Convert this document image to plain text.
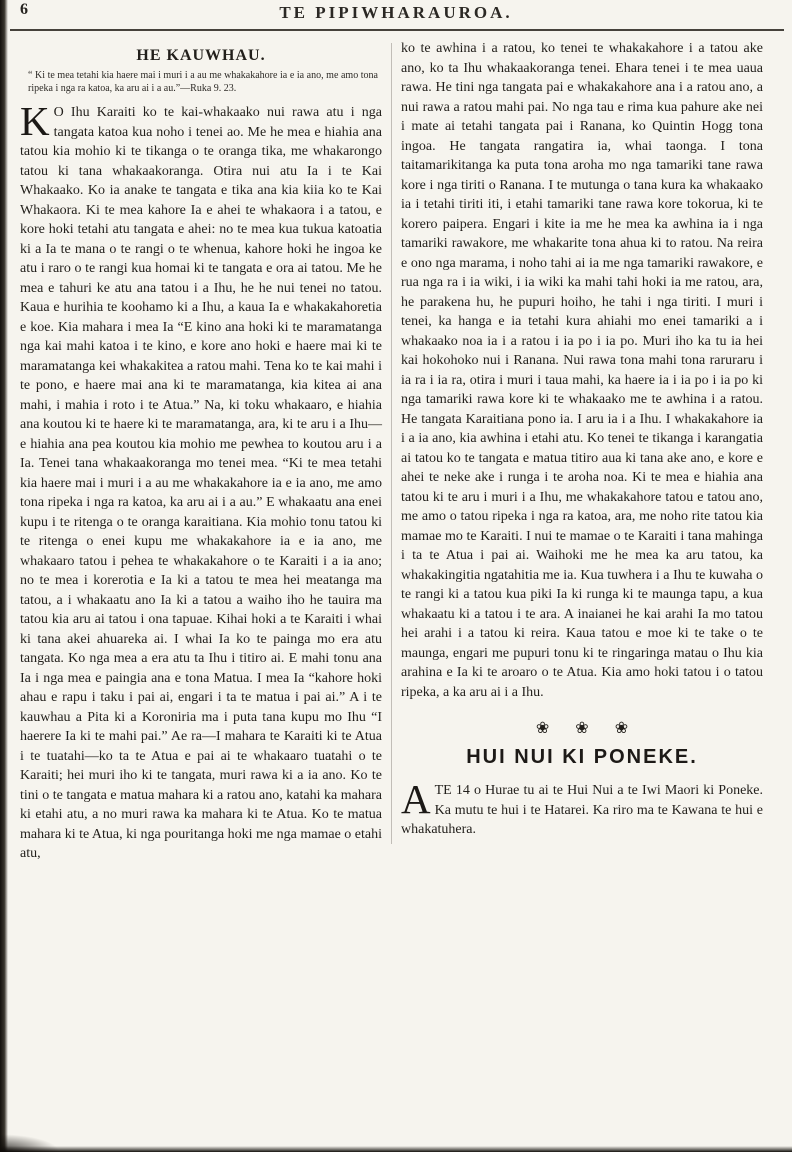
6	TE PIPIWHARAUROA.
HE KAUWHAU.

“ Ki te mea tetahi kia haere mai i muri i a au me whakakahore ia e ia ano, me amo tona ripeka i nga ra katoa, ka aru ai i a au.”—Ruka 9. 23.

K O Ihu Karaiti ko te kai-whakaako nui rawa atu i nga tangata katoa kua noho i tenei ao. Me he mea e hiahia ana tatou kia mohio ki te tikanga o te oranga tika, me whakarongo tatou ki tana whakaakoranga. Otira nui atu Ia i te Kai Whakaako. Ko ia anake te tangata e tika ana kia kiia ko te Kai Whakaora. Ki te mea kahore Ia e ahei te whakaora i a tatou, e kore hoki tetahi atu tangata e ahei: no te mea kua tukua katoatia ki a Ia te mana o te rangi o te whenua, kahore hoki he ingoa ke atu i raro o te rangi kua homai ki te tangata e ora ai tatou. Me he mea e tahuri ke atu ana tatou i a Ihu, he he nui tenei no tatou. Kaua e hurihia te koohamo ki a Ihu, a kaua Ia e whakakahoretia e koe. Kia mahara i mea Ia “E kino ana hoki ki te maramatanga nga kai mahi katoa i te kino, e kore ano hoki e haere mai ki te maramatanga kei whakakitea a ratou mahi. Tena ko te kai mahi i te pono, e haere mai ana ki te maramatanga, kia kitea ai ana mahi, i mahia i roto i te Atua.” Na, ki toku whakaaro, e hiahia ana koutou ki te haere ki te maramatanga, ara, ki te aru i a Ihu—e hiahia ana pea koutou kia mohio me pewhea to koutou aru i a Ia. Tenei tana whakaakoranga mo tenei mea. “Ki te mea tetahi kia haere mai i muri i a au me whakakahore ia e ia ano, me amo tona ripeka i nga ra katoa, ka aru ai i a au.” E whakaatu ana enei kupu i te ritenga o te oranga karaitiana. Kia mohio tonu tatou ki te ritenga o enei kupu me whakakahore ia e ia ano, me whakaaro tatou i pehea te whakakahore o te Karaiti i a ia ano; no te mea i korerotia e Ia ki a tatou te mea hei meatanga ma tatou, a i whakaatu ano Ia ki a tatou a waiho iho he tauira ma tatou kia aru ai tatou i ona tapuae. Kihai hoki a te Karaiti i whai ki tana akei ahuareka ai. I whai Ia ko te painga mo era atu tangata. Ko nga mea a era atu ta Ihu i titiro ai. E mahi tonu ana Ia i nga mea e paingia ana e tona Matua. I mea Ia “kahore hoki ahau e rapu i taku i pai ai, engari i ta te matua i pai ai.” A i te kauwhau a Pita ki a Koroniria ma i puta tana kupu mo Ihu “I haerere Ia ki te mahi pai.” Ae ra—I mahara te Karaiti ki te Atua i te tuatahi—ko ta te Atua e pai ai te whakaaro tuatahi o te Karaiti; hei muri iho ki te tangata, muri rawa ki a ia ano. Ko te tini o te tangata e matua mahara ki a ratou ano, katahi ka mahara ki etahi atu, a no muri rawa ka mahara ki te Atua. Ko te matua mahara ki te Atua, ki nga pouritanga hoki me nga mamae o etahi atu,

ko te awhina i a ratou, ko tenei te whakakahore i a tatou ake ano, ko ta Ihu whakaakoranga tenei. Ehara tenei i te mea uaua rawa. He tini nga tangata pai e whakakahore ana i a ratou ano, a nui rawa a ratou mahi pai. No nga tau e rima kua pahure ake nei i mate ai tetahi tangata pai i Ranana, ko Quintin Hogg tona ingoa. He tangata rangatira ia, whai taonga. I tona taitamarikitanga ka puta tona aroha mo nga tamariki tane rawa kore i nga tiriti o Ranana. I te mutunga o tana kura ka whakaako ia i tetahi tiriti iti, i etahi tamariki tane rawa kore tokorua, ki te korero paipera. Engari i kite ia me he mea ka awhina ia i nga tamariki rawakore, me whakarite tona ahua ki to ratou. Na reira e ono nga marama, i noho tahi ai ia me nga tamariki rawakore, e rua nga ra i ia wiki, i ia wiki ka mahi tahi hoki ia me ratou, ara, he parakena hu, he pupuri hoiho, he tahi i nga tiriti. I muri i tenei, ka hanga e ia tetahi kura ahiahi mo enei tamariki a i whakaako noa ia i a ratou i ia po i ia po. Muri iho ka tu ia hei kai hokohoko nui i Ranana. Nui rawa tona mahi tona raruraru i ia ra i ia ra, otira i muri i taua mahi, ka haere ia i ia po i ia po ki nga tamariki rawa kore ki te whakaako me te awhina i a ratou. He tangata Karaitiana pono ia. I aru ia i a Ihu. I whakakahore ia i a ia ano, kia awhina i etahi atu. Ko tenei te tikanga i karangatia ai tatou ko te tangata e matua titiro aua ki tana ake ano, e kore e ahei te neke ake i runga i te aroha noa. Ki te mea e hiahia ana tatou ki te aru i muri i a Ihu, me whakakahore tatou e tatou ano, me amo o tatou ripeka i nga ra katoa, ara, me noho rite tatou kia mamae mo te Karaiti. I nui te mamae o te Karaiti i tana mahinga i ta te Atua i pai ai. Waihoki me he mea ka aru tatou, ka whakakingitia ngatahitia me ia. Kua tuwhera i a Ihu te kuwaha o te rangi ki a tatou kua piki Ia ki runga ki te maunga tapu, a kua whakaatu ki a tatou i te ara. A inaianei he kai arahi Ia mo tatou hei arahi i a tatou ki reira. Kaua tatou e moe ki te take o te maunga, engari me pupuri tonu ki te ringaringa matau o Ihu kia arahina e Ia ki te aroaro o te Atua. Kia amo hoki tatou i o tatou ripeka, a ka aru ai i a Ihu.

❀❀❀
HUI NUI KI PONEKE.

ATE 14 o Hurae tu ai te Hui Nui a te Iwi Maori ki Poneke. Ka mutu te hui i te Hatarei. Ka riro ma te Kawana te hui e whakatuhera.
